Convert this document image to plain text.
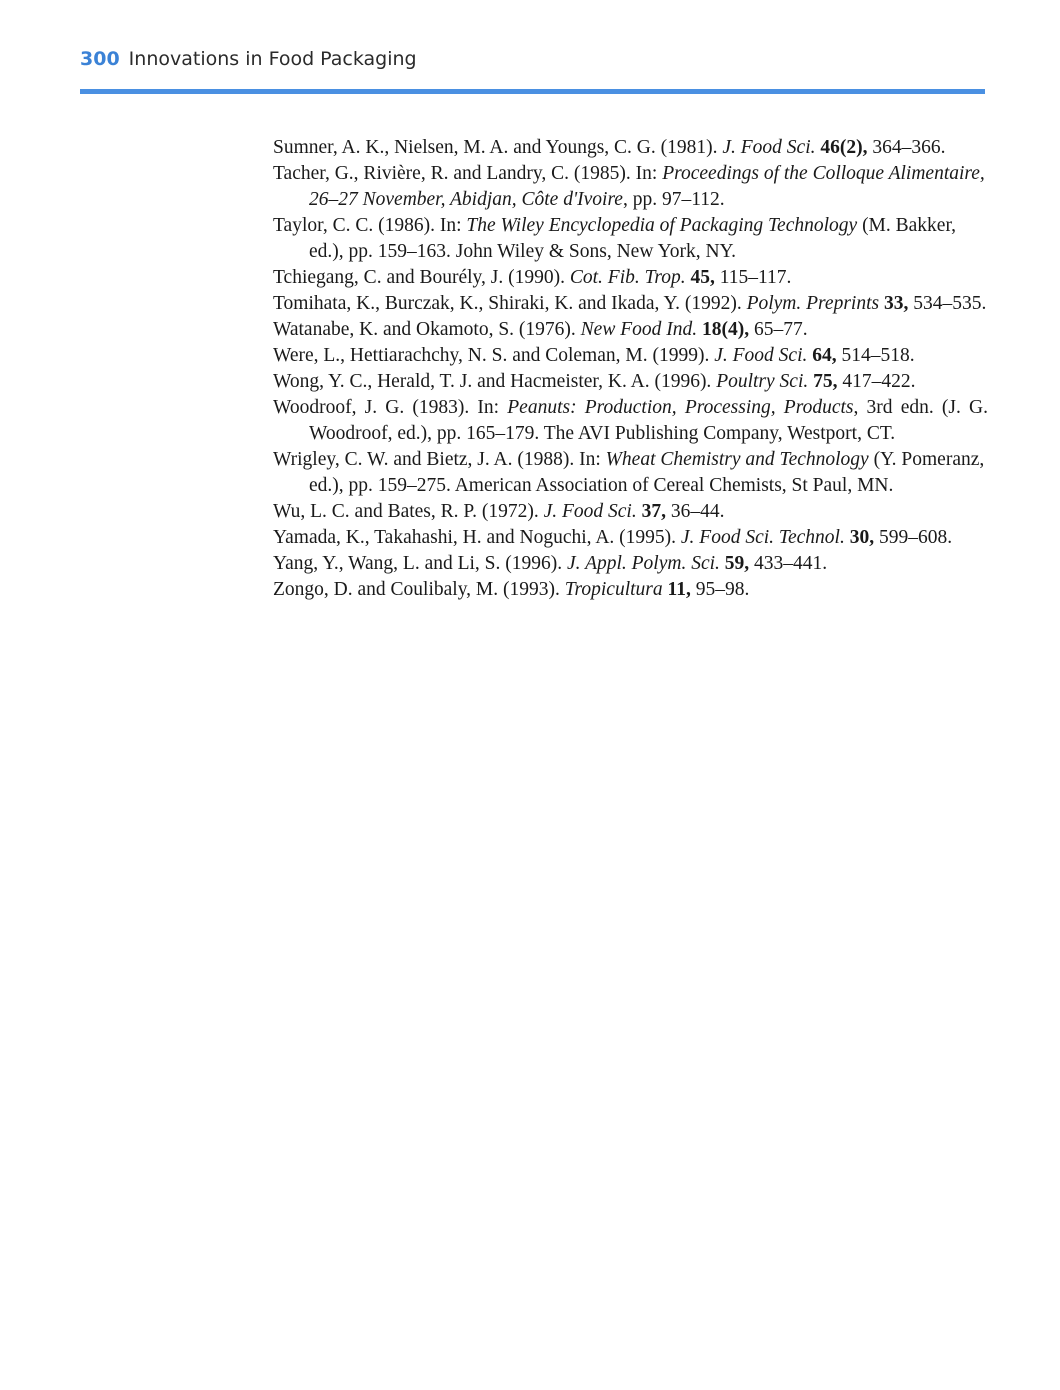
300 Innovations in Food Packaging

Sumner, A. K., Nielsen, M. A. and Youngs, C. G. (1981). J. Food Sci. 46(2), 364–366.

Tacher, G., Rivière, R. and Landry, C. (1985). In: Proceedings of the Colloque Alimentaire, 26–27 November, Abidjan, Côte d'Ivoire, pp. 97–112.

Taylor, C. C. (1986). In: The Wiley Encyclopedia of Packaging Technology (M. Bakker, ed.), pp. 159–163. John Wiley & Sons, New York, NY.

Tchiegang, C. and Bourély, J. (1990). Cot. Fib. Trop. 45, 115–117.

Tomihata, K., Burczak, K., Shiraki, K. and Ikada, Y. (1992). Polym. Preprints 33, 534–535.

Watanabe, K. and Okamoto, S. (1976). New Food Ind. 18(4), 65–77.

Were, L., Hettiarachchy, N. S. and Coleman, M. (1999). J. Food Sci. 64, 514–518.

Wong, Y. C., Herald, T. J. and Hacmeister, K. A. (1996). Poultry Sci. 75, 417–422.

Woodroof, J. G. (1983). In: Peanuts: Production, Processing, Products, 3rd edn. (J. G. Woodroof, ed.), pp. 165–179. The AVI Publishing Company, Westport, CT.

Wrigley, C. W. and Bietz, J. A. (1988). In: Wheat Chemistry and Technology (Y. Pomeranz, ed.), pp. 159–275. American Association of Cereal Chemists, St Paul, MN.

Wu, L. C. and Bates, R. P. (1972). J. Food Sci. 37, 36–44.

Yamada, K., Takahashi, H. and Noguchi, A. (1995). J. Food Sci. Technol. 30, 599–608.

Yang, Y., Wang, L. and Li, S. (1996). J. Appl. Polym. Sci. 59, 433–441.

Zongo, D. and Coulibaly, M. (1993). Tropicultura 11, 95–98.
